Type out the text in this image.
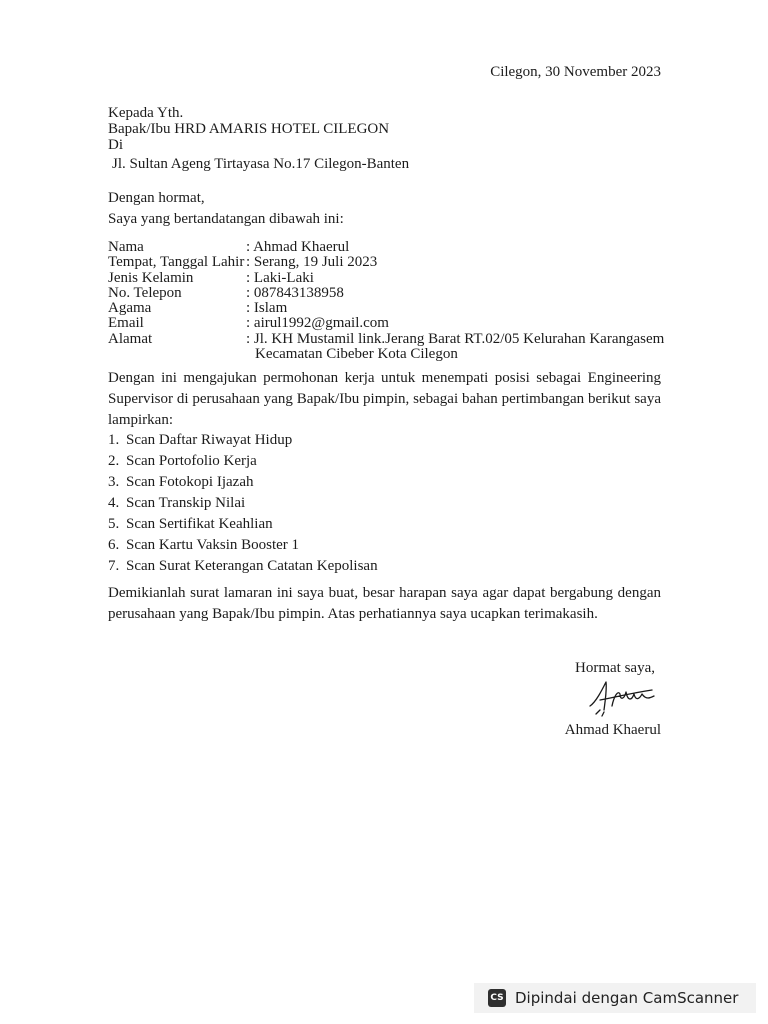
Cilegon, 30 November 2023
Kepada Yth.
Bapak/Ibu HRD AMARIS HOTEL CILEGON
Di
Jl. Sultan Ageng Tirtayasa No.17 Cilegon-Banten
Dengan hormat,
Saya yang bertandatangan dibawah ini:
Nama	: Ahmad Khaerul
Tempat, Tanggal Lahir : Serang, 19 Juli 2023
Jenis Kelamin	: Laki-Laki
No. Telepon	: 087843138958
Agama	: Islam
Email	: airul1992@gmail.com
Alamat	: Jl. KH Mustamil link.Jerang Barat RT.02/05 Kelurahan Karangasem
Kecamatan Cibeber Kota Cilegon
Dengan ini mengajukan permohonan kerja untuk menempati posisi sebagai Engineering Supervisor di perusahaan yang Bapak/Ibu pimpin, sebagai bahan pertimbangan berikut saya lampirkan:
1. Scan Daftar Riwayat Hidup
2. Scan Portofolio Kerja
3. Scan Fotokopi Ijazah
4. Scan Transkip Nilai
5. Scan Sertifikat Keahlian
6. Scan Kartu Vaksin Booster 1
7. Scan Surat Keterangan Catatan Kepolisan
Demikianlah surat lamaran ini saya buat, besar harapan saya agar dapat bergabung dengan perusahaan yang Bapak/Ibu pimpin. Atas perhatiannya saya ucapkan terimakasih.
Hormat saya,
Ahmad Khaerul
CS Dipindai dengan CamScanner
